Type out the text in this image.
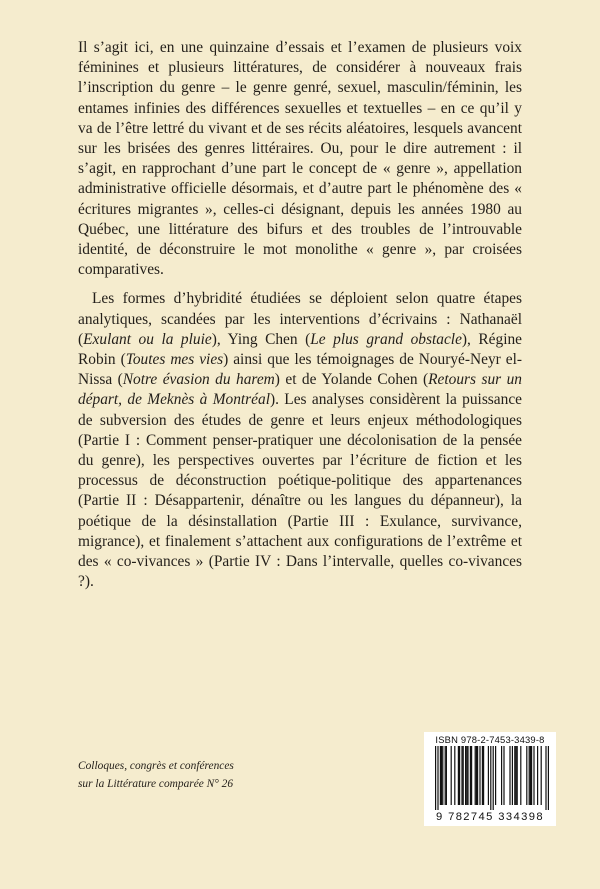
Il s’agit ici, en une quinzaine d’essais et l’examen de plusieurs voix féminines et plusieurs littératures, de considérer à nouveaux frais l’inscription du genre – le genre genré, sexuel, masculin/féminin, les entames infinies des différences sexuelles et textuelles – en ce qu’il y va de l’être lettré du vivant et de ses récits aléatoires, lesquels avancent sur les brisées des genres littéraires. Ou, pour le dire autrement : il s’agit, en rapprochant d’une part le concept de « genre », appellation administrative officielle désormais, et d’autre part le phénomène des « écritures migrantes », celles-ci désignant, depuis les années 1980 au Québec, une littérature des bifurs et des troubles de l’introuvable identité, de déconstruire le mot monolithe « genre », par croisées comparatives.

Les formes d’hybridité étudiées se déploient selon quatre étapes analytiques, scandées par les interventions d’écrivains : Nathanaël (Exulant ou la pluie), Ying Chen (Le plus grand obstacle), Régine Robin (Toutes mes vies) ainsi que les témoignages de Nouryé-Neyr el-Nissa (Notre évasion du harem) et de Yolande Cohen (Retours sur un départ, de Meknès à Montréal). Les analyses considèrent la puissance de subversion des études de genre et leurs enjeux méthodologiques (Partie I : Comment penser-pratiquer une décolonisation de la pensée du genre), les perspectives ouvertes par l’écriture de fiction et les processus de déconstruction poétique-politique des appartenances (Partie II : Désappartenir, dénaître ou les langues du dépanneur), la poétique de la désinstallation (Partie III : Exulance, survivance, migrance), et finalement s’attachent aux configurations de l’extrême et des « co-vivances » (Partie IV : Dans l’intervalle, quelles co-vivances ?).

Colloques, congrès et conférences
sur la Littérature comparée N° 26
ISBN 978-2-7453-3439-8
9 782745 334398
